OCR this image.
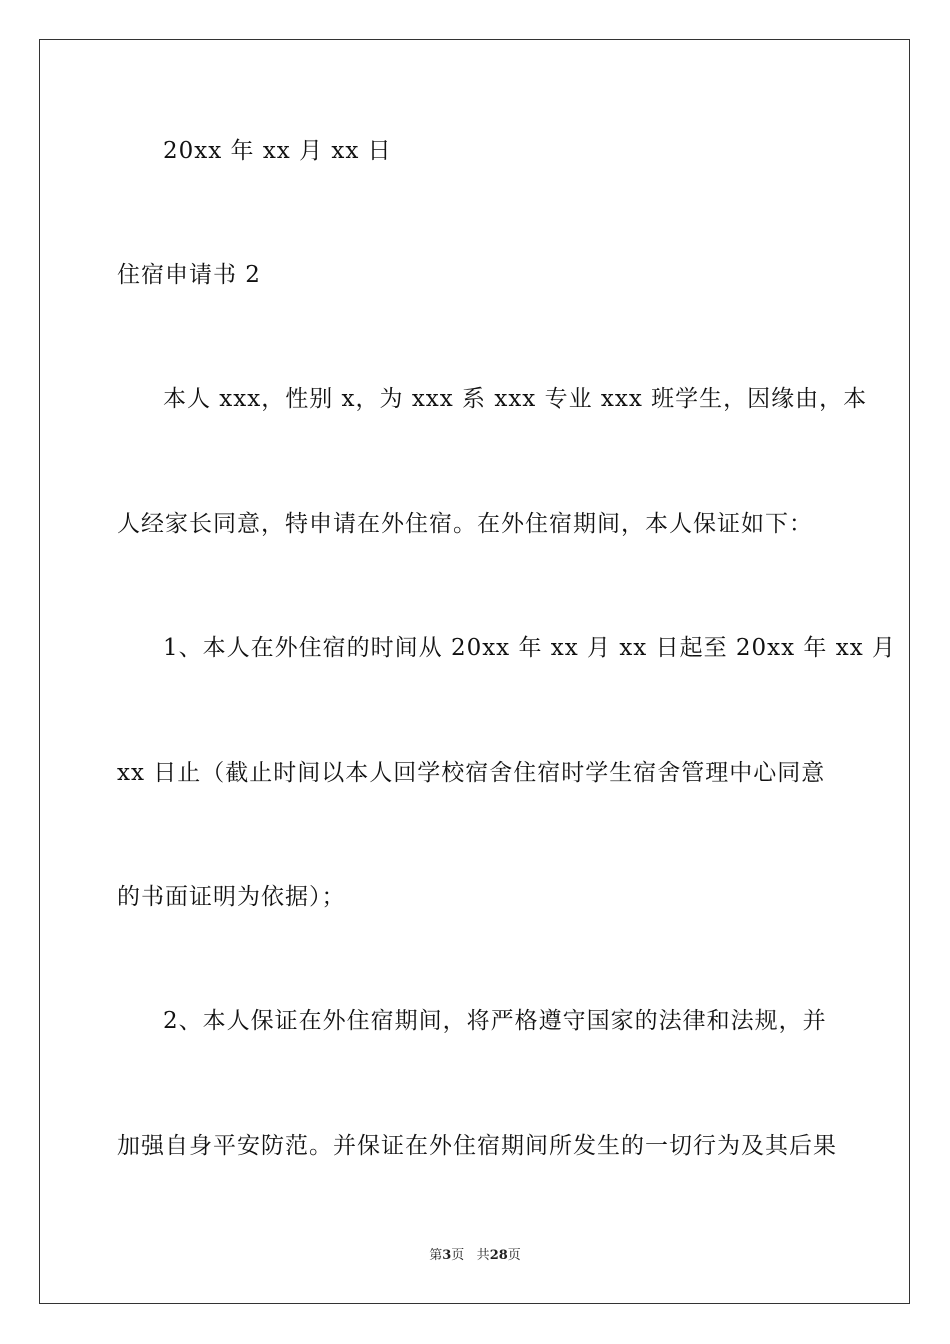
20xx 年 xx 月 xx 日
住宿申请书 2
本人 xxx，性别 x，为 xxx 系 xxx 专业 xxx 班学生，因缘由，本
人经家长同意，特申请在外住宿。在外住宿期间，本人保证如下：
1、本人在外住宿的时间从 20xx 年 xx 月 xx 日起至 20xx 年 xx 月
xx 日止（截止时间以本人回学校宿舍住宿时学生宿舍管理中心同意
的书面证明为依据）；
2、本人保证在外住宿期间，将严格遵守国家的法律和法规，并
加强自身平安防范。并保证在外住宿期间所发生的一切行为及其后果
第3页 共28页
